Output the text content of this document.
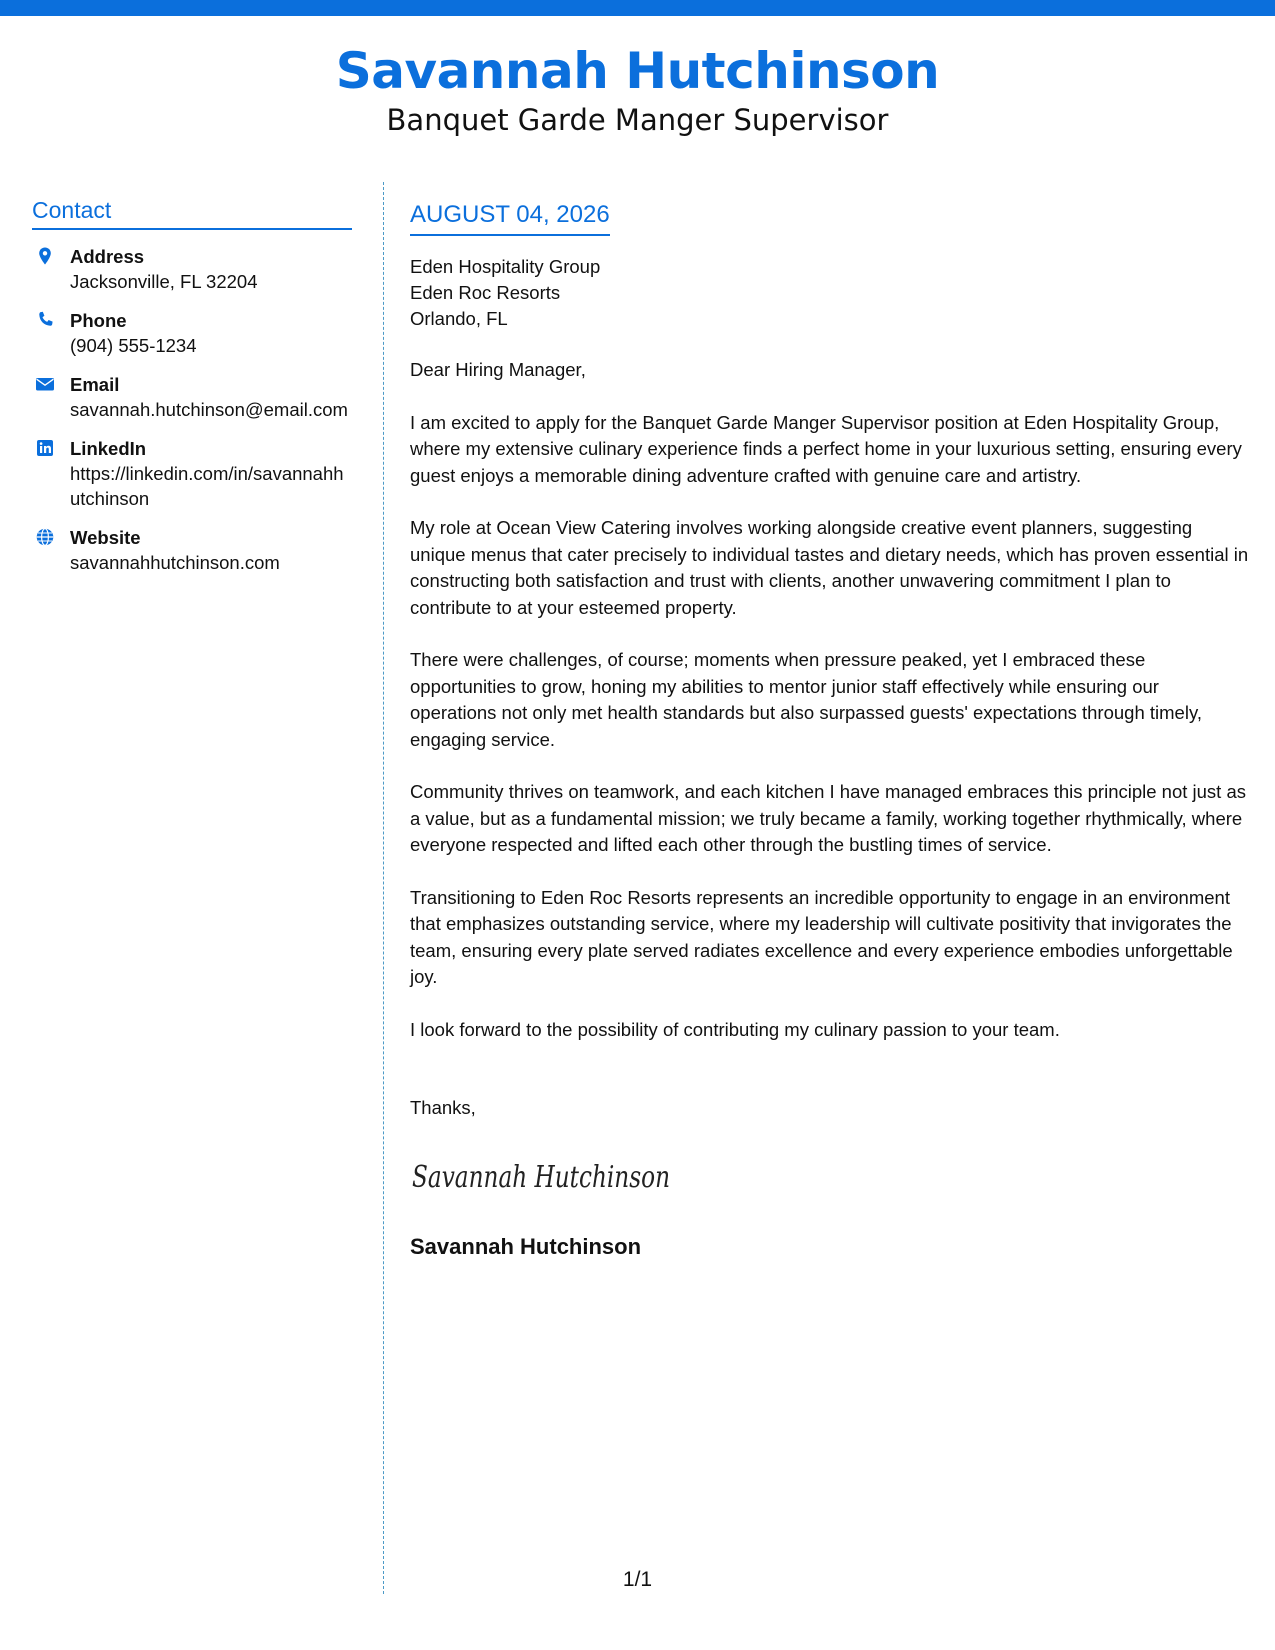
Savannah Hutchinson
Banquet Garde Manger Supervisor
Contact
Address
Jacksonville, FL 32204
Phone
(904) 555-1234
Email
savannah.hutchinson@email.com
LinkedIn
https://linkedin.com/in/savannahhutchinson
Website
savannahhutchinson.com
AUGUST 04, 2026
Eden Hospitality Group
Eden Roc Resorts
Orlando, FL

Dear Hiring Manager,

I am excited to apply for the Banquet Garde Manger Supervisor position at Eden Hospitality Group, where my extensive culinary experience finds a perfect home in your luxurious setting, ensuring every guest enjoys a memorable dining adventure crafted with genuine care and artistry.

My role at Ocean View Catering involves working alongside creative event planners, suggesting unique menus that cater precisely to individual tastes and dietary needs, which has proven essential in constructing both satisfaction and trust with clients, another unwavering commitment I plan to contribute to at your esteemed property.

There were challenges, of course; moments when pressure peaked, yet I embraced these opportunities to grow, honing my abilities to mentor junior staff effectively while ensuring our operations not only met health standards but also surpassed guests' expectations through timely, engaging service.

Community thrives on teamwork, and each kitchen I have managed embraces this principle not just as a value, but as a fundamental mission; we truly became a family, working together rhythmically, where everyone respected and lifted each other through the bustling times of service.

Transitioning to Eden Roc Resorts represents an incredible opportunity to engage in an environment that emphasizes outstanding service, where my leadership will cultivate positivity that invigorates the team, ensuring every plate served radiates excellence and every experience embodies unforgettable joy.

I look forward to the possibility of contributing my culinary passion to your team.

Thanks,
Savannah Hutchinson
Savannah Hutchinson
1/1
